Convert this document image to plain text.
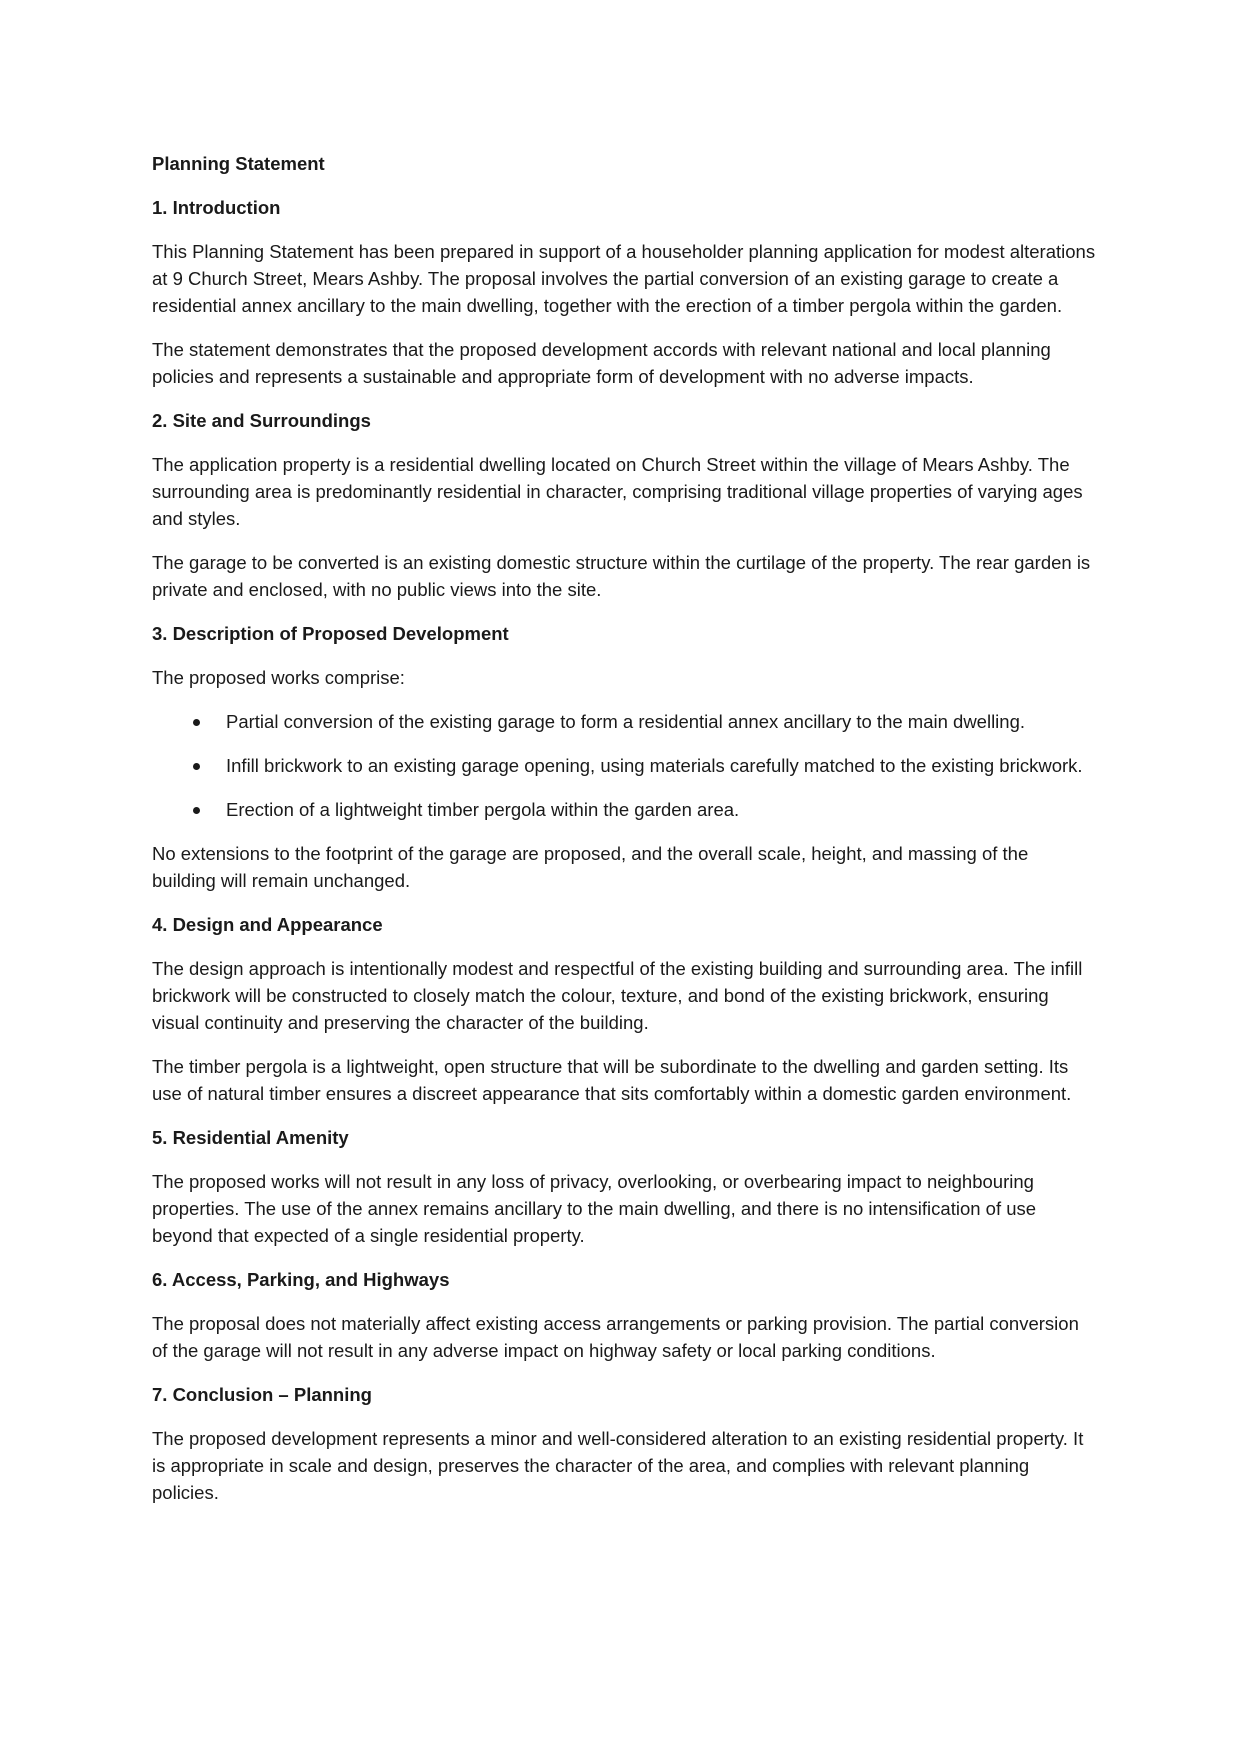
Planning Statement
1. Introduction

This Planning Statement has been prepared in support of a householder planning application for modest alterations at 9 Church Street, Mears Ashby. The proposal involves the partial conversion of an existing garage to create a residential annex ancillary to the main dwelling, together with the erection of a timber pergola within the garden.

The statement demonstrates that the proposed development accords with relevant national and local planning policies and represents a sustainable and appropriate form of development with no adverse impacts.

2. Site and Surroundings

The application property is a residential dwelling located on Church Street within the village of Mears Ashby. The surrounding area is predominantly residential in character, comprising traditional village properties of varying ages and styles.

The garage to be converted is an existing domestic structure within the curtilage of the property. The rear garden is private and enclosed, with no public views into the site.

3. Description of Proposed Development

The proposed works comprise:

Partial conversion of the existing garage to form a residential annex ancillary to the main dwelling.
Infill brickwork to an existing garage opening, using materials carefully matched to the existing brickwork.
Erection of a lightweight timber pergola within the garden area.

No extensions to the footprint of the garage are proposed, and the overall scale, height, and massing of the building will remain unchanged.

4. Design and Appearance

The design approach is intentionally modest and respectful of the existing building and surrounding area. The infill brickwork will be constructed to closely match the colour, texture, and bond of the existing brickwork, ensuring visual continuity and preserving the character of the building.

The timber pergola is a lightweight, open structure that will be subordinate to the dwelling and garden setting. Its use of natural timber ensures a discreet appearance that sits comfortably within a domestic garden environment.

5. Residential Amenity

The proposed works will not result in any loss of privacy, overlooking, or overbearing impact to neighbouring properties. The use of the annex remains ancillary to the main dwelling, and there is no intensification of use beyond that expected of a single residential property.

6. Access, Parking, and Highways

The proposal does not materially affect existing access arrangements or parking provision. The partial conversion of the garage will not result in any adverse impact on highway safety or local parking conditions.

7. Conclusion – Planning

The proposed development represents a minor and well-considered alteration to an existing residential property. It is appropriate in scale and design, preserves the character of the area, and complies with relevant planning policies.
